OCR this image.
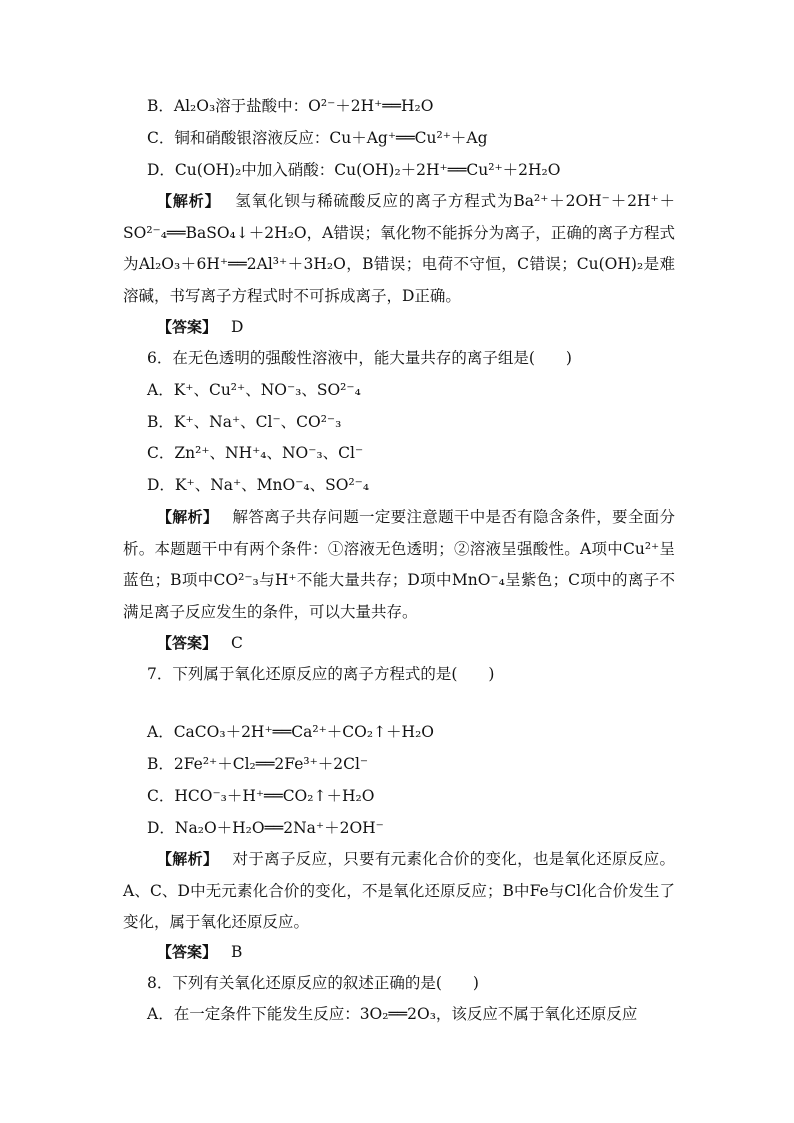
B．Al₂O₃溶于盐酸中：O²⁻＋2H⁺══H₂O
C．铜和硝酸银溶液反应：Cu＋Ag⁺══Cu²⁺＋Ag
D．Cu(OH)₂中加入硝酸：Cu(OH)₂＋2H⁺══Cu²⁺＋2H₂O
【解析】 氢氧化钡与稀硫酸反应的离子方程式为Ba²⁺＋2OH⁻＋2H⁺＋SO²⁻₄══BaSO₄↓＋2H₂O，A错误；氧化物不能拆分为离子，正确的离子方程式为Al₂O₃＋6H⁺══2Al³⁺＋3H₂O，B错误；电荷不守恒，C错误；Cu(OH)₂是难溶碱，书写离子方程式时不可拆成离子，D正确。
【答案】 D
6．在无色透明的强酸性溶液中，能大量共存的离子组是(　　)
A．K⁺、Cu²⁺、NO⁻₃、SO²⁻₄
B．K⁺、Na⁺、Cl⁻、CO²⁻₃
C．Zn²⁺、NH⁺₄、NO⁻₃、Cl⁻
D．K⁺、Na⁺、MnO⁻₄、SO²⁻₄
【解析】 解答离子共存问题一定要注意题干中是否有隐含条件，要全面分析。本题题干中有两个条件：①溶液无色透明；②溶液呈强酸性。A项中Cu²⁺呈蓝色；B项中CO²⁻₃与H⁺不能大量共存；D项中MnO⁻₄呈紫色；C项中的离子不满足离子反应发生的条件，可以大量共存。
【答案】 C
7．下列属于氧化还原反应的离子方程式的是(　　)
A．CaCO₃＋2H⁺══Ca²⁺＋CO₂↑＋H₂O
B．2Fe²⁺＋Cl₂══2Fe³⁺＋2Cl⁻
C．HCO⁻₃＋H⁺══CO₂↑＋H₂O
D．Na₂O＋H₂O══2Na⁺＋2OH⁻
【解析】 对于离子反应，只要有元素化合价的变化，也是氧化还原反应。A、C、D中无元素化合价的变化，不是氧化还原反应；B中Fe与Cl化合价发生了变化，属于氧化还原反应。
【答案】 B
8．下列有关氧化还原反应的叙述正确的是(　　)
A．在一定条件下能发生反应：3O₂══2O₃，该反应不属于氧化还原反应
